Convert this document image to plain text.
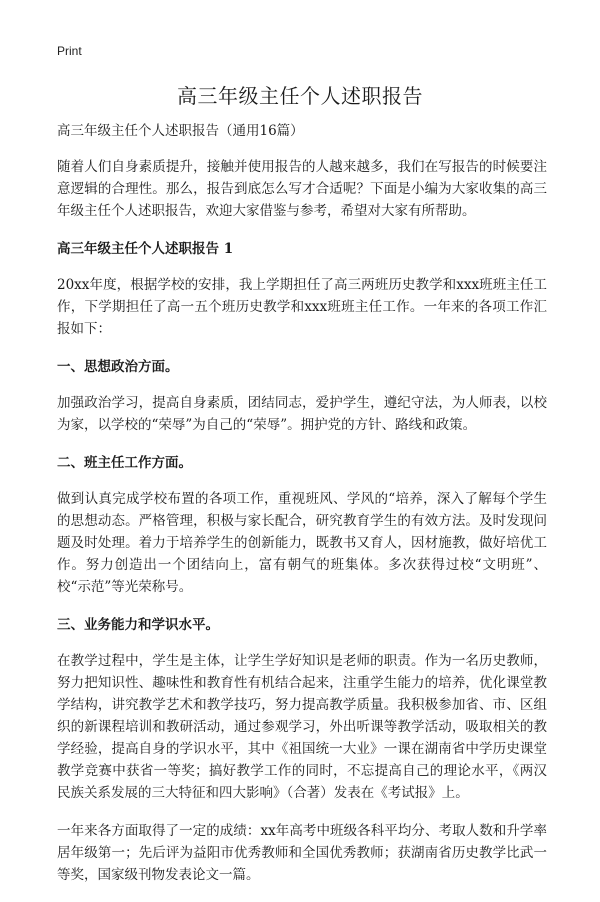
Print
高三年级主任个人述职报告

高三年级主任个人述职报告（通用16篇）

随着人们自身素质提升，接触并使用报告的人越来越多，我们在写报告的时候要注意逻辑的合理性。那么，报告到底怎么写才合适呢？下面是小编为大家收集的高三年级主任个人述职报告，欢迎大家借鉴与参考，希望对大家有所帮助。

高三年级主任个人述职报告 1

20xx年度，根据学校的安排，我上学期担任了高三两班历史教学和xxx班班主任工作，下学期担任了高一五个班历史教学和xxx班班主任工作。一年来的各项工作汇报如下：

一、思想政治方面。

加强政治学习，提高自身素质，团结同志，爱护学生，遵纪守法，为人师表，以校为家，以学校的“荣辱”为自己的“荣辱”。拥护党的方针、路线和政策。

二、班主任工作方面。

做到认真完成学校布置的各项工作，重视班风、学风的“培养，深入了解每个学生的思想动态。严格管理，积极与家长配合，研究教育学生的有效方法。及时发现问题及时处理。着力于培养学生的创新能力，既教书又育人，因材施教，做好培优工作。努力创造出一个团结向上，富有朝气的班集体。多次获得过校“文明班”、校“示范”等光荣称号。

三、业务能力和学识水平。

在教学过程中，学生是主体，让学生学好知识是老师的职责。作为一名历史教师，努力把知识性、趣味性和教育性有机结合起来，注重学生能力的培养，优化课堂教学结构，讲究教学艺术和教学技巧，努力提高教学质量。我积极参加省、市、区组织的新课程培训和教研活动，通过参观学习，外出听课等教学活动，吸取相关的教学经验，提高自身的学识水平，其中《祖国统一大业》一课在湖南省中学历史课堂教学竞赛中获省一等奖；搞好教学工作的同时，不忘提高自己的理论水平，《两汉民族关系发展的三大特征和四大影响》（合著）发表在《考试报》上。

一年来各方面取得了一定的成绩：xx年高考中班级各科平均分、考取人数和升学率居年级第一；先后评为益阳市优秀教师和全国优秀教师；获湖南省历史教学比武一等奖，国家级刊物发表论文一篇。
